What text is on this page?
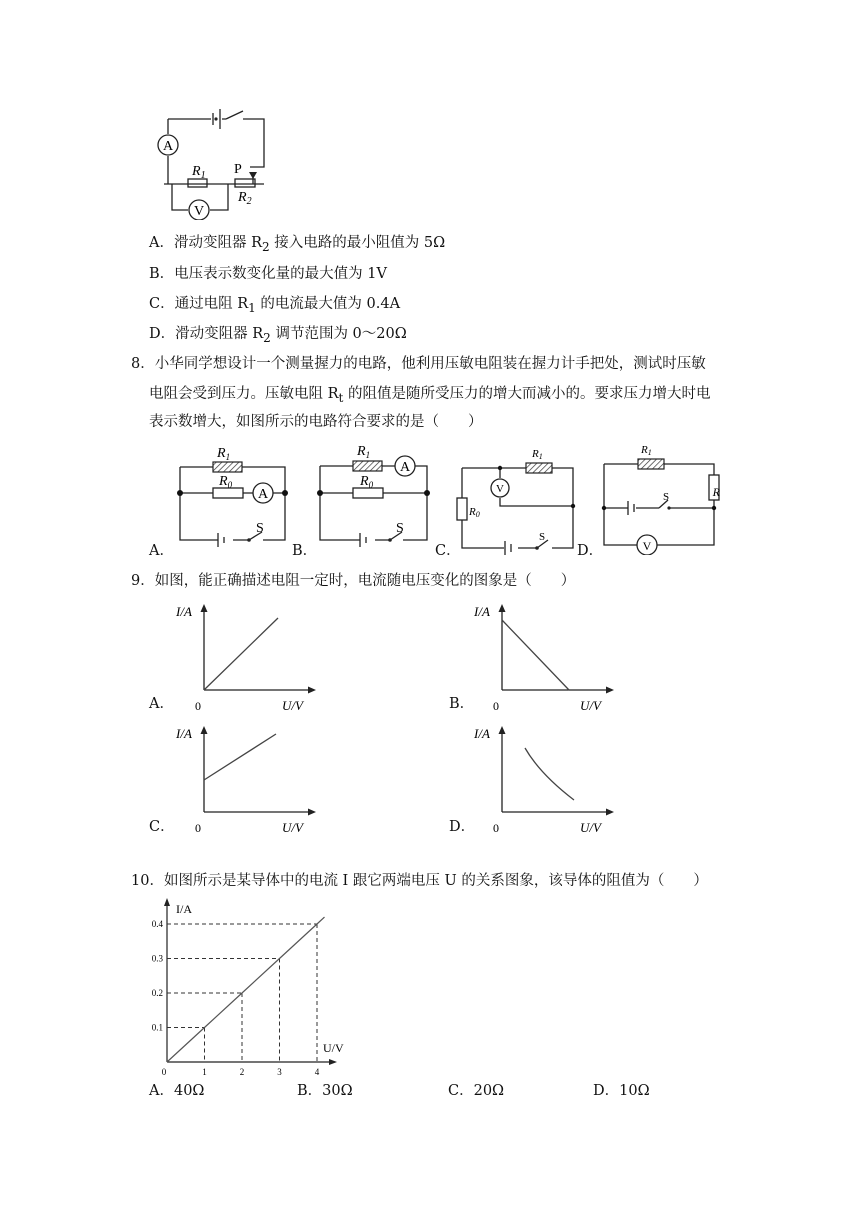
A
V
$R_1$ P
$R_2$
A．滑动变阻器 $R_2$ 接入电路的最小阻值为 5Ω
B．电压表示数变化量的最大值为 1V
C．通过电阻 $R_1$ 的电流最大值为 0.4A
D．滑动变阻器 $R_2$ 调节范围为 0～20Ω
8．小华同学想设计一个测量握力的电路，他利用压敏电阻装在握力计手把处，测试时压敏
电阻会受到压力。压敏电阻 $R_t$ 的阻值是随所受压力的增大而减小的。要求压力增大时电
表示数增大，如图所示的电路符合要求的是（　　）
A．
$R_1$
$R_0$
A
S
B．
$R_1$
$R_0$
A
S
C．
R1
R0
V
S
D．
R1
R
V
S
9．如图，能正确描述电阻一定时，电流随电压变化的图象是（　　）
A．
I/A
U/V
0	B．
I/A
U/V
0
C．
I/A
U/V
0	D．
I/A
U/V
0
10．如图所示是某导体中的电流 I 跟它两端电压 U 的关系图象，该导体的阻值为（　　）
I/A
U/V
0
0.1
0.2
0.3
0.4
1	2	3	4
A．40Ω	B．30Ω	C．20Ω	D．10Ω
